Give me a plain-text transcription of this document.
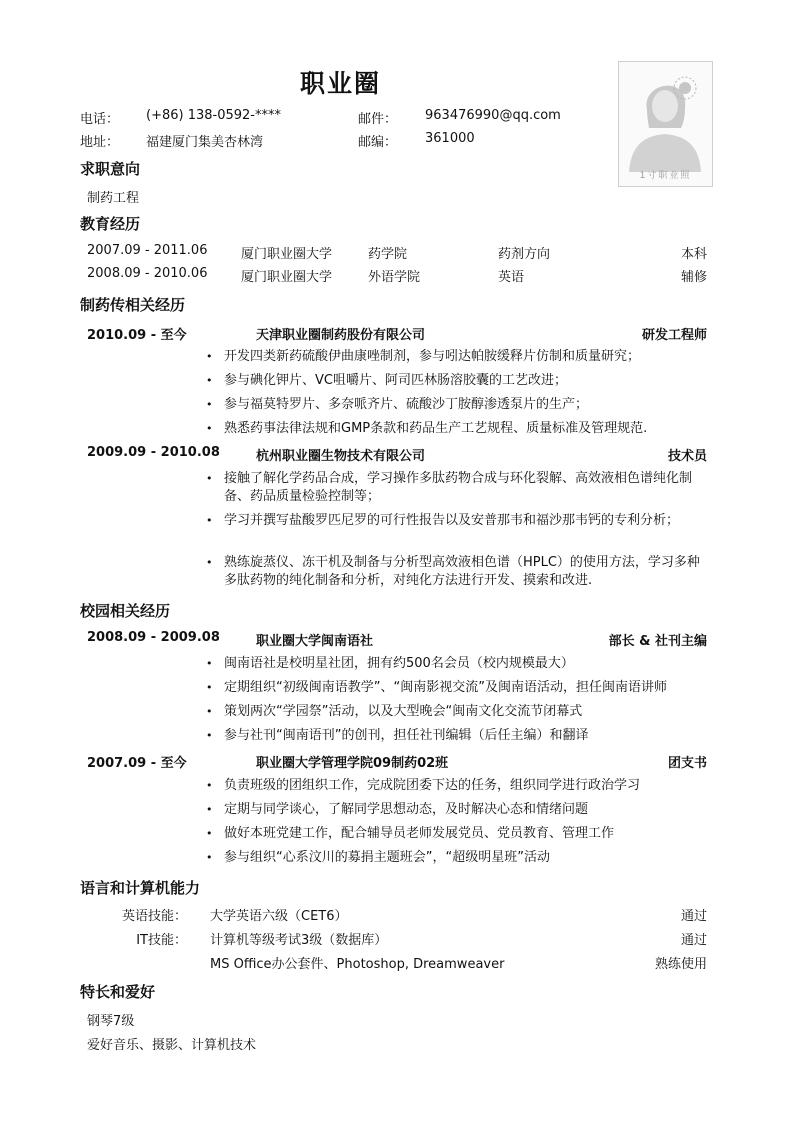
职业圈
电话： (+86) 138-0592-****	邮件： 963476990@qq.com
地址： 福建厦门集美杏林湾	邮编： 361000
1寸职业照
求职意向
制药工程
教育经历
2007.09 - 2011.06	厦门职业圈大学	药学院	药剂方向	本科
2008.09 - 2010.06	厦门职业圈大学	外语学院	英语	辅修
制药传相关经历
2010.09 - 至今	天津职业圈制药股份有限公司	研发工程师
• 开发四类新药硫酸伊曲康唑制剂，参与吲达帕胺缓释片仿制和质量研究；
• 参与碘化钾片、VC咀嚼片、阿司匹林肠溶胶囊的工艺改进；
• 参与福莫特罗片、多奈哌齐片、硫酸沙丁胺醇渗透泵片的生产；
• 熟悉药事法律法规和GMP条款和药品生产工艺规程、质量标准及管理规范.
2009.09 - 2010.08	杭州职业圈生物技术有限公司	技术员
• 接触了解化学药品合成，学习操作多肽药物合成与环化裂解、高效液相色谱纯化制备、药品质量检验控制等；
• 学习并撰写盐酸罗匹尼罗的可行性报告以及安普那韦和福沙那韦钙的专利分析；
• 熟练旋蒸仪、冻干机及制备与分析型高效液相色谱（HPLC）的使用方法，学习多种多肽药物的纯化制备和分析，对纯化方法进行开发、摸索和改进.
校园相关经历
2008.09 - 2009.08	职业圈大学闽南语社	部长 & 社刊主编
• 闽南语社是校明星社团，拥有约500名会员（校内规模最大）
• 定期组织“初级闽南语教学”、“闽南影视交流”及闽南语活动，担任闽南语讲师
• 策划两次“学园祭”活动，以及大型晚会“闽南文化交流节闭幕式
• 参与社刊“闽南语刊”的创刊，担任社刊编辑（后任主编）和翻译
2007.09 - 至今	职业圈大学管理学院09制药02班	团支书
• 负责班级的团组织工作，完成院团委下达的任务，组织同学进行政治学习
• 定期与同学谈心，了解同学思想动态，及时解决心态和情绪问题
• 做好本班党建工作，配合辅导员老师发展党员、党员教育、管理工作
• 参与组织“心系汶川的募捐主题班会”，“超级明星班”活动
语言和计算机能力
英语技能： 大学英语六级（CET6）	通过
IT技能： 计算机等级考试3级（数据库）	通过
MS Office办公套件、Photoshop, Dreamweaver	熟练使用
特长和爱好
钢琴7级
爱好音乐、摄影、计算机技术
